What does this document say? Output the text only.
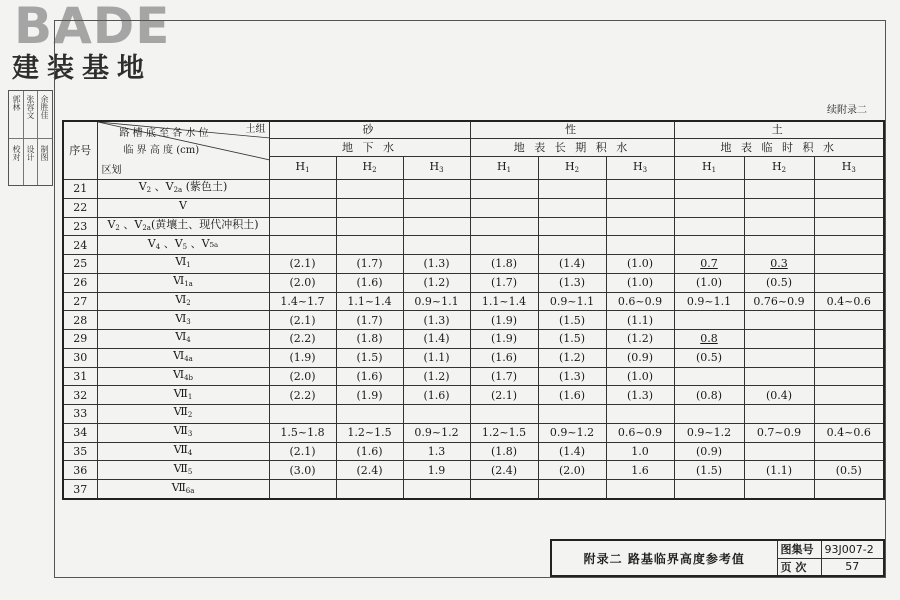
BADE
建装基地
郭林 张容文 余胜佳
校对 设计 制图
续附录二
序号	土组
路 槽 底 至 各 水 位
临 界 高 度 (cm)
区划	砂			性			土		
		地 下 水			地 表 长 期 积 水			地 表 临 时 积 水		
		$H_1$	$H_2$	$H_3$	$H_1$	$H_2$	$H_3$	$H_1$	$H_2$	$H_3$
21	$V_2$ 、$V_{2a}$ (紫色土)									
22	V									
23	$V_2$ 、$V_{2a}$(黄壤土、现代冲积土)									
24	$V_4$ 、$V_5$ 、V₅ₐ									
25	$Ⅵ_1$	(2.1)	(1.7)	(1.3)	(1.8)	(1.4)	(1.0)	0.7	0.3	
26	$Ⅵ_{1a}$	(2.0)	(1.6)	(1.2)	(1.7)	(1.3)	(1.0)	(1.0)	(0.5)	
27	$Ⅵ_2$	1.4~1.7	1.1~1.4	0.9~1.1	1.1~1.4	0.9~1.1	0.6~0.9	0.9~1.1	0.76~0.9	0.4~0.6
28	$Ⅵ_3$	(2.1)	(1.7)	(1.3)	(1.9)	(1.5)	(1.1)			
29	$Ⅵ_4$	(2.2)	(1.8)	(1.4)	(1.9)	(1.5)	(1.2)	0.8		
30	$Ⅵ_{4a}$	(1.9)	(1.5)	(1.1)	(1.6)	(1.2)	(0.9)	(0.5)		
31	$Ⅵ_{4b}$	(2.0)	(1.6)	(1.2)	(1.7)	(1.3)	(1.0)			
32	$Ⅶ_1$	(2.2)	(1.9)	(1.6)	(2.1)	(1.6)	(1.3)	(0.8)	(0.4)	
33	$Ⅶ_2$									
34	$Ⅶ_3$	1.5~1.8	1.2~1.5	0.9~1.2	1.2~1.5	0.9~1.2	0.6~0.9	0.9~1.2	0.7~0.9	0.4~0.6
35	$Ⅶ_4$	(2.1)	(1.6)	1.3	(1.8)	(1.4)	1.0	(0.9)		
36	$Ⅶ_5$	(3.0)	(2.4)	1.9	(2.4)	(2.0)	1.6	(1.5)	(1.1)	(0.5)
37	$Ⅶ_{6a}$									
附录二 路基临界高度参考值	图集号	93J007-2
	页 次	57
